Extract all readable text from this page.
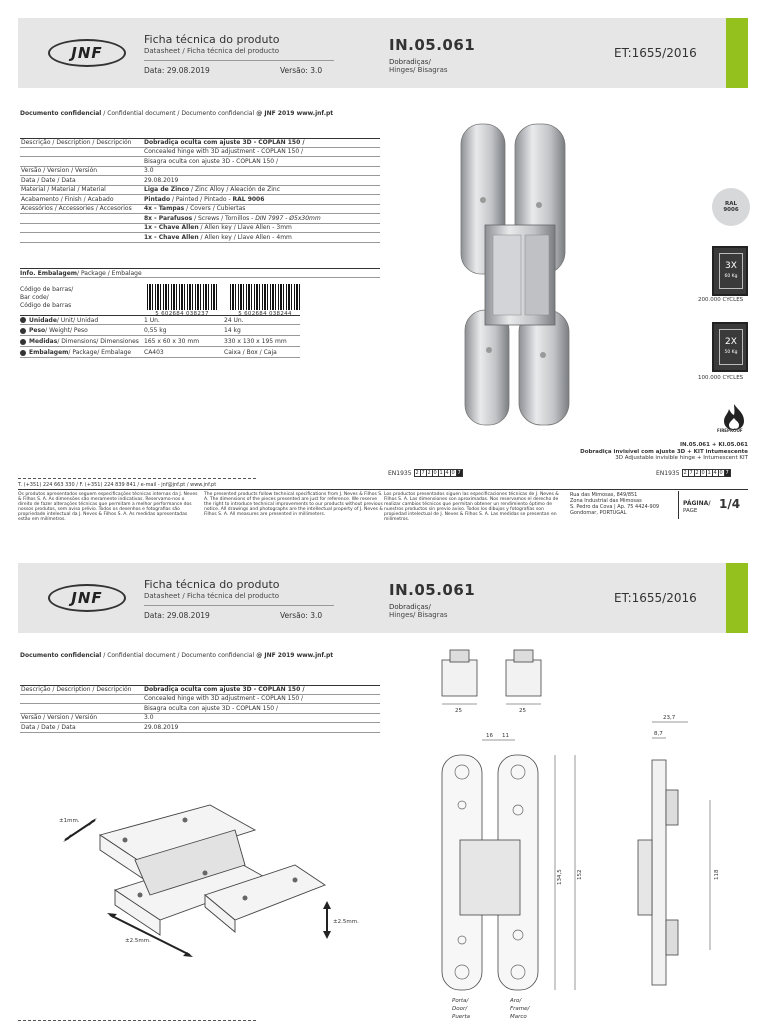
JNF
Ficha técnica do produto
Datasheet / Ficha técnica del producto
Data: 29.08.2019	Versão: 3.0
IN.05.061
Dobradiças/
Hinges/ Bisagras
ET:1655/2016
Documento confidencial / Confidential document / Documento confidencial @ JNF 2019 www.jnf.pt
Descrição / Description / Descripción	Dobradiça oculta com ajuste 3D - COPLAN 150 /
Concealed hinge with 3D adjustment - COPLAN 150 /
Bisagra oculta con ajuste 3D - COPLAN 150 /
Versão / Version / Versión	3.0
Data / Date / Data	29.08.2019
Material / Material / Material	Liga de Zinco / Zinc Alloy / Aleación de Zinc
Acabamento / Finish / Acabado	Pintado / Painted / Pintado - RAL 9006
Acessórios / Accessories / Accesorios	4x - Tampas / Covers / Cubiertas
8x - Parafusos / Screws / Tornillos - DIN 7997 - Ø5x30mm
1x - Chave Allen / Allen key / Llave Allen - 3mm
1x - Chave Allen / Allen key / Llave Allen - 4mm
Info. Embalagem / Package / Embalage
Código de barras/
Bar code/
Código de barras
5 602684 038237	5 602684 038244
Unidade / Unit/ Unidad	1 Un.	24 Un.
Peso / Weight/ Peso	0,55 kg	14 kg
Medidas / Dimensions/ Dimensiones 165 x 60 x 30 mm	330 x 130 x 195 mm
Embalagem / Package/ Embalage	CA403	Caixa / Box / Caja
RAL
9006
3X
60 Kg
200.000 CYCLES
2X
50 Kg
100.000 CYCLES
FIREPROOF
IN.05.061 + KI.05.061
Dobradiça invisível com ajuste 3D + KIT intumescente
3D Adjustable invisible hinge + Intumescent KIT
EN1935 2 7 2 0 1 4 0 7	EN1935 2 7 2 0 1 4 0 7
T. (+351) 224 663 330 / F. (+351) 224 839 841 / e-mail - jnf@jnf.pt / www.jnf.pt
Os produtos apresentados seguem especificações técnicas internas da J. Neves & Filhos S. A. As dimensões são meramente indicativas. Reservamo-nos o direito de fazer alterações técnicas que permitam a melhor performance dos nossos produtos, sem aviso prévio. Todos os desenhos e fotografias são propriedade intelectual da J. Neves & Filhos S. A. As medidas apresentadas estão em milímetros.
The presented products follow technical specifications from J. Neves & Filhos S. A. The dimensions of the pieces presented are just for reference. We reserve the right to introduce technical improvements to our products without previous notice. All drawings and photographs are the intellectual property of J. Neves & Filhos S. A. All measures are presented in millimeters.
Los productos presentados siguen las especificaciones técnicas de J. Neves & Filhos S. A. Las dimensiones son aproximadas. Nos reservamos el derecho de realizar cambios técnicos que permitan obtener un rendimiento óptimo de nuestros productos sin previo aviso. Todos los dibujos y fotografías son propiedad intelectual de J. Neves & Filhos S. A. Las medidas se presentan en milímetros.
Rua das Mimosas, 849/851
Zona Industrial das Mimosas
S. Pedro da Cova | Ap. 75 4424-909
Gondomar, PORTUGAL
PÁGINA/
PAGE 1/4
JNF
Ficha técnica do produto
Datasheet / Ficha técnica del producto
Data: 29.08.2019	Versão: 3.0
IN.05.061
Dobradiças/
Hinges/ Bisagras
ET:1655/2016
Documento confidencial / Confidential document / Documento confidencial @ JNF 2019 www.jnf.pt
Descrição / Description / Descripción	Dobradiça oculta com ajuste 3D - COPLAN 150 /
Concealed hinge with 3D adjustment - COPLAN 150 /
Bisagra oculta con ajuste 3D - COPLAN 150 /
Versão / Version / Versión	3.0
Data / Date / Data	29.08.2019
±1mm.
±2.5mm.
±2.5mm.
25	25
16 11
134,5	152
Porta/
Door/
Puerta
Aro/
Frame/
Marco
23,7
8,7
118
